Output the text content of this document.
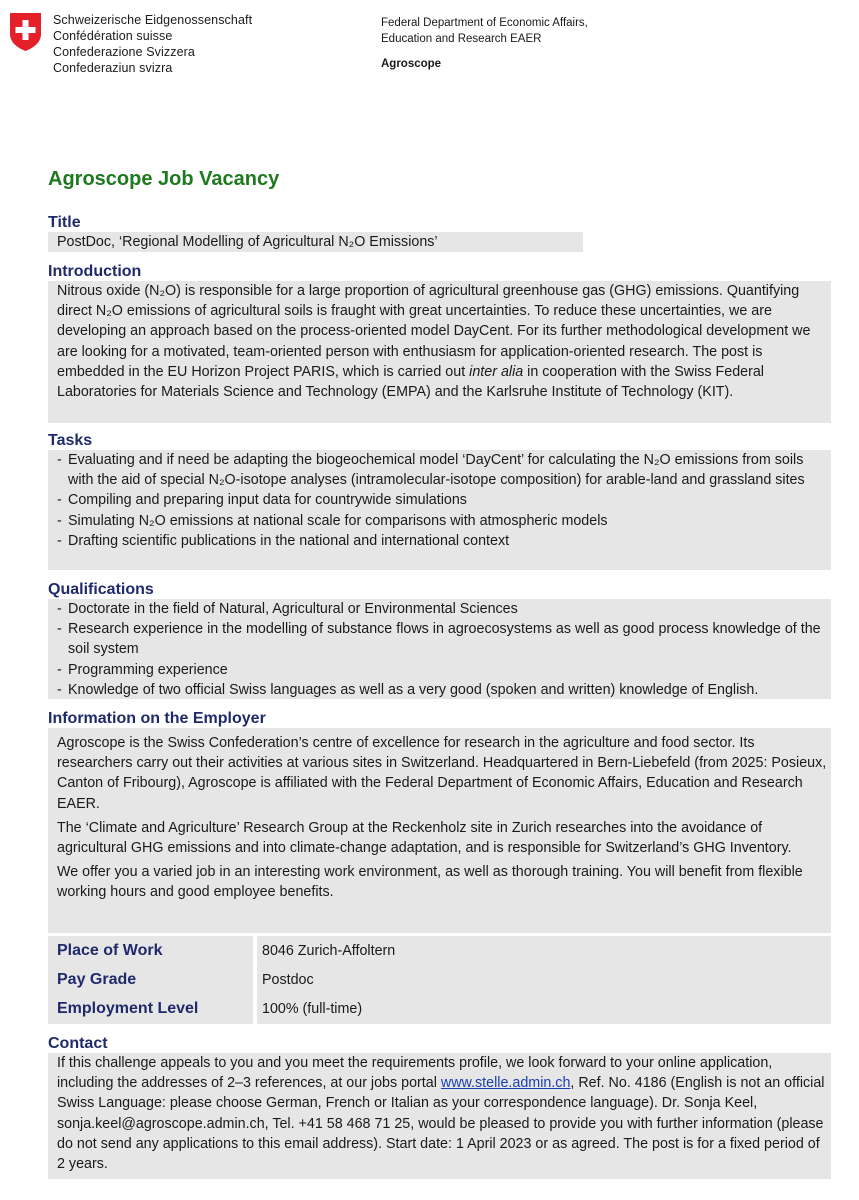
Schweizerische Eidgenossenschaft
Confédération suisse
Confederazione Svizzera
Confederaziun svizra
Federal Department of Economic Affairs,
Education and Research EAER
Agroscope
Agroscope Job Vacancy
Title
PostDoc, ‘Regional Modelling of Agricultural N₂O Emissions’
Introduction

Nitrous oxide (N₂O) is responsible for a large proportion of agricultural greenhouse gas (GHG) emissions. Quantifying direct N₂O emissions of agricultural soils is fraught with great uncertainties. To reduce these uncertainties, we are developing an approach based on the process-oriented model DayCent. For its further methodological development we are looking for a motivated, team-oriented person with enthusiasm for application-oriented research. The post is embedded in the EU Horizon Project PARIS, which is carried out inter alia in cooperation with the Swiss Federal Laboratories for Materials Science and Technology (EMPA) and the Karlsruhe Institute of Technology (KIT).

Tasks
- Evaluating and if need be adapting the biogeochemical model ‘DayCent’ for calculating the N₂O emissions from soils with the aid of special N₂O-isotope analyses (intramolecular-isotope composition) for arable-land and grassland sites
- Compiling and preparing input data for countrywide simulations
- Simulating N₂O emissions at national scale for comparisons with atmospheric models
- Drafting scientific publications in the national and international context
Qualifications
- Doctorate in the field of Natural, Agricultural or Environmental Sciences
- Research experience in the modelling of substance flows in agroecosystems as well as good process knowledge of the soil system
- Programming experience
- Knowledge of two official Swiss languages as well as a very good (spoken and written) knowledge of English.
Information on the Employer

Agroscope is the Swiss Confederation’s centre of excellence for research in the agriculture and food sector. Its researchers carry out their activities at various sites in Switzerland. Headquartered in Bern-Liebefeld (from 2025: Posieux, Canton of Fribourg), Agroscope is affiliated with the Federal Department of Economic Affairs, Education and Research EAER.

The ‘Climate and Agriculture’ Research Group at the Reckenholz site in Zurich researches into the avoidance of agricultural GHG emissions and into climate-change adaptation, and is responsible for Switzerland’s GHG Inventory.

We offer you a varied job in an interesting work environment, as well as thorough training. You will benefit from flexible working hours and good employee benefits.

Place of Work	8046 Zurich-Affoltern
Pay Grade	Postdoc
Employment Level	100% (full-time)
Contact

If this challenge appeals to you and you meet the requirements profile, we look forward to your online application, including the addresses of 2–3 references, at our jobs portal www.stelle.admin.ch, Ref. No. 4186 (English is not an official Swiss Language: please choose German, French or Italian as your correspondence language). Dr. Sonja Keel, sonja.keel@agroscope.admin.ch, Tel. +41 58 468 71 25, would be pleased to provide you with further information (please do not send any applications to this email address). Start date: 1 April 2023 or as agreed. The post is for a fixed period of 2 years.
